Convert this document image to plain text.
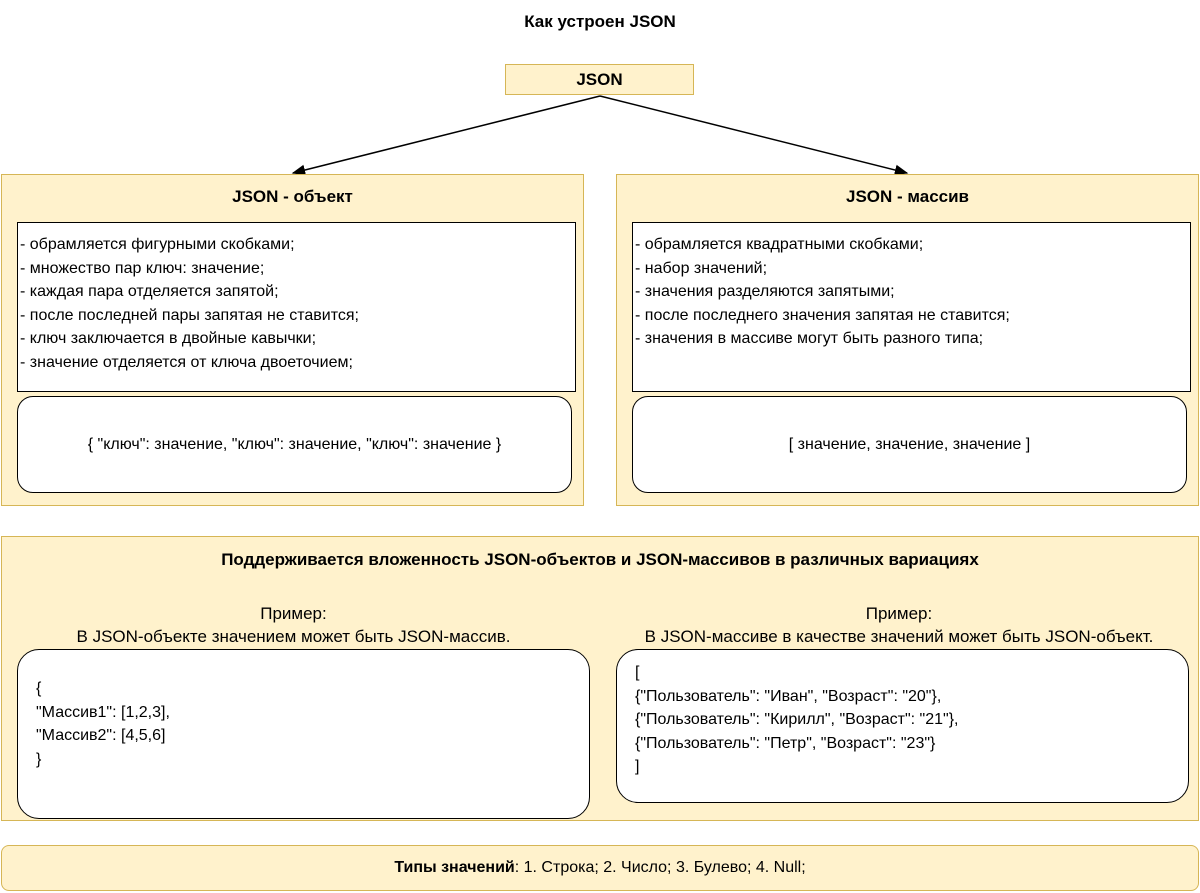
Как устроен JSON
JSON
JSON - объект
- обрамляется фигурными скобками;
- множество пар ключ: значение;
- каждая пара отделяется запятой;
- после последней пары запятая не ставится;
- ключ заключается в двойные кавычки;
- значение отделяется от ключа двоеточием;
{ "ключ": значение, "ключ": значение, "ключ": значение }
JSON - массив
- обрамляется квадратными скобками;
- набор значений;
- значения разделяются запятыми;
- после последнего значения запятая не ставится;
- значения в массиве могут быть разного типа;
[ значение, значение, значение ]
Поддерживается вложенность JSON-объектов и JSON-массивов в различных вариациях
Пример:
В JSON-объекте значением может быть JSON-массив.
Пример:
В JSON-массиве в качестве значений может быть JSON-объект.
{
"Массив1": [1,2,3],
"Массив2": [4,5,6]
}
[
{"Пользователь": "Иван", "Возраст": "20"},
{"Пользователь": "Кирилл", "Возраст": "21"},
{"Пользователь": "Петр", "Возраст": "23"}
]
Типы значений : 1. Строка; 2. Число; 3. Булево; 4. Null;
